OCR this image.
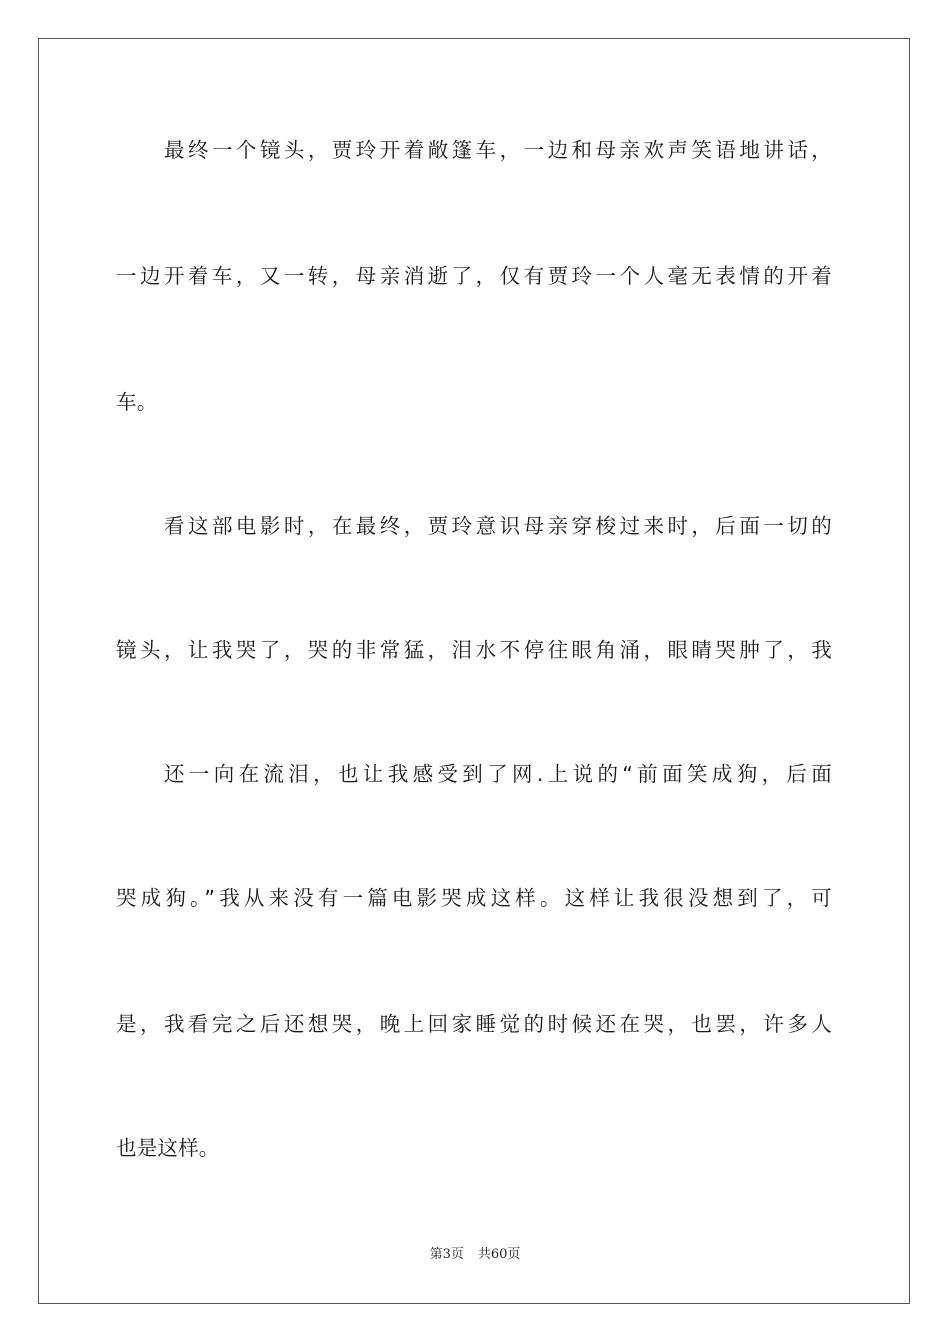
最终一个镜头，贾玲开着敞篷车，一边和母亲欢声笑语地讲话，
一边开着车，又一转，母亲消逝了，仅有贾玲一个人毫无表情的开着
车。
看这部电影时，在最终，贾玲意识母亲穿梭过来时，后面一切的
镜头，让我哭了，哭的非常猛，泪水不停往眼角涌，眼睛哭肿了，我
还一向在流泪，也让我感受到了网.上说的“前面笑成狗，后面
哭成狗。”我从来没有一篇电影哭成这样。这样让我很没想到了，可
是，我看完之后还想哭，晚上回家睡觉的时候还在哭，也罢，许多人
也是这样。
第3页 共60页
